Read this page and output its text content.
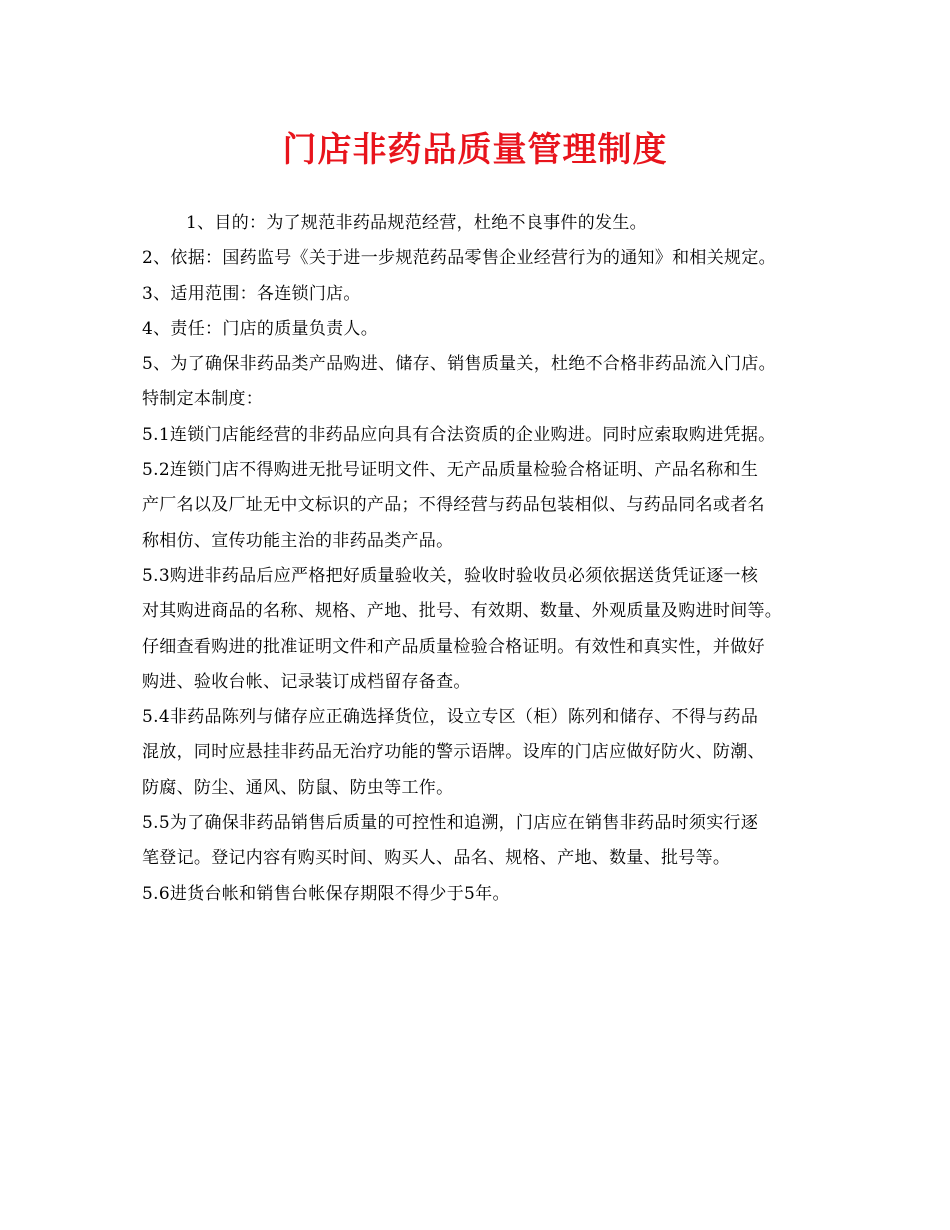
门店非药品质量管理制度
1、目的：为了规范非药品规范经营，杜绝不良事件的发生。
2、依据：国药监号《关于进一步规范药品零售企业经营行为的通知》和相关规定。
3、适用范围：各连锁门店。
4、责任：门店的质量负责人。
5、为了确保非药品类产品购进、储存、销售质量关，杜绝不合格非药品流入门店。
特制定本制度：
5.1连锁门店能经营的非药品应向具有合法资质的企业购进。同时应索取购进凭据。
5.2连锁门店不得购进无批号证明文件、无产品质量检验合格证明、产品名称和生
产厂名以及厂址无中文标识的产品；不得经营与药品包装相似、与药品同名或者名
称相仿、宣传功能主治的非药品类产品。
5.3购进非药品后应严格把好质量验收关，验收时验收员必须依据送货凭证逐一核
对其购进商品的名称、规格、产地、批号、有效期、数量、外观质量及购进时间等。
仔细查看购进的批准证明文件和产品质量检验合格证明。有效性和真实性，并做好
购进、验收台帐、记录装订成档留存备查。
5.4非药品陈列与储存应正确选择货位，设立专区（柜）陈列和储存、不得与药品
混放，同时应悬挂非药品无治疗功能的警示语牌。设库的门店应做好防火、防潮、
防腐、防尘、通风、防鼠、防虫等工作。
5.5为了确保非药品销售后质量的可控性和追溯，门店应在销售非药品时须实行逐
笔登记。登记内容有购买时间、购买人、品名、规格、产地、数量、批号等。
5.6进货台帐和销售台帐保存期限不得少于5年。
